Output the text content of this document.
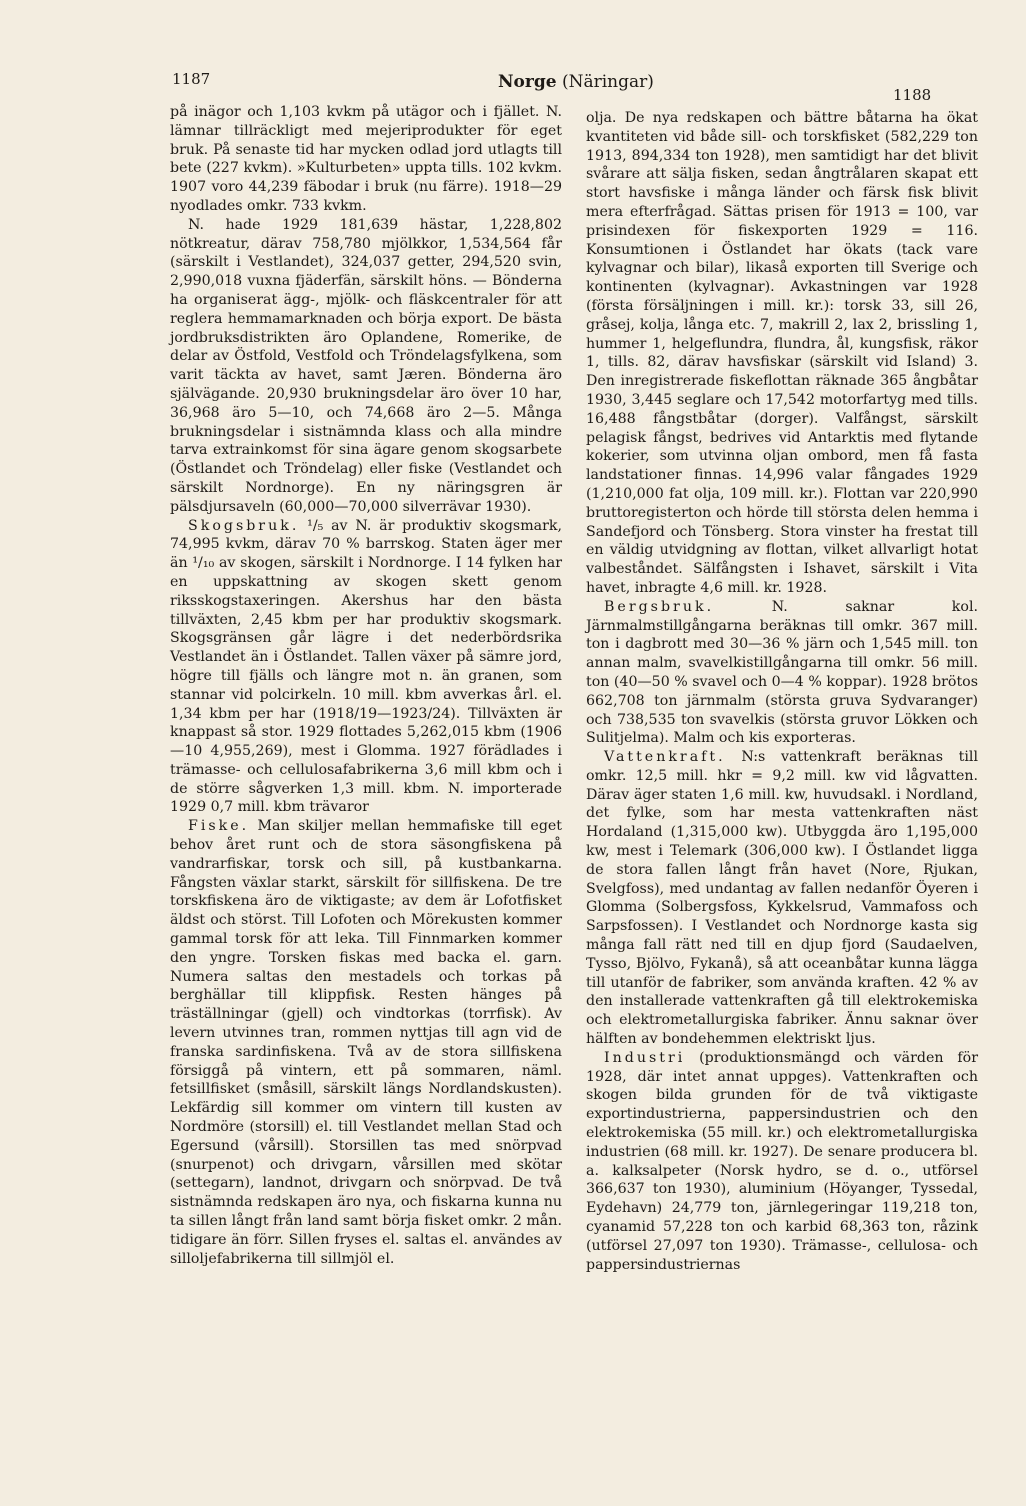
1187	Norge (Näringar)
1188

på inägor och 1,103 kvkm på utägor och i fjället. N. lämnar tillräckligt med mejeriprodukter för eget bruk. På senaste tid har mycken odlad jord utlagts till bete (227 kvkm). »Kulturbeten» uppta tills. 102 kvkm. 1907 voro 44,239 fäbodar i bruk (nu färre). 1918—29 nyodlades omkr. 733 kvkm.

N. hade 1929 181,639 hästar, 1,228,802 nötkreatur, därav 758,780 mjölkkor, 1,534,564 får (särskilt i Vestlandet), 324,037 getter, 294,520 svin, 2,990,018 vuxna fjäderfän, särskilt höns. — Bönderna ha organiserat ägg-, mjölk- och fläskcentraler för att reglera hemmamarknaden och börja export. De bästa jordbruksdistrikten äro Oplandene, Romerike, de delar av Östfold, Vestfold och Tröndelagsfylkena, som varit täckta av havet, samt Jæren. Bönderna äro självägande. 20,930 brukningsdelar äro över 10 har, 36,968 äro 5—10, och 74,668 äro 2—5. Många brukningsdelar i sistnämnda klass och alla mindre tarva extrainkomst för sina ägare genom skogsarbete (Östlandet och Tröndelag) eller fiske (Vestlandet och särskilt Nordnorge). En ny näringsgren är pälsdjursaveln (60,000—70,000 silverrävar 1930).

Skogsbruk. ¹/₅ av N. är produktiv skogsmark, 74,995 kvkm, därav 70 % barrskog. Staten äger mer än ¹/₁₀ av skogen, särskilt i Nordnorge. I 14 fylken har en uppskattning av skogen skett genom riksskogstaxeringen. Akershus har den bästa tillväxten, 2,45 kbm per har produktiv skogsmark. Skogsgränsen går lägre i det nederbördsrika Vestlandet än i Östlandet. Tallen växer på sämre jord, högre till fjälls och längre mot n. än granen, som stannar vid polcirkeln. 10 mill. kbm avverkas årl. el. 1,34 kbm per har (1918/19—1923/24). Tillväxten är knappast så stor. 1929 flottades 5,262,015 kbm (1906—10 4,955,269), mest i Glomma. 1927 förädlades i trämasse- och cellulosafabrikerna 3,6 mill kbm och i de större sågverken 1,3 mill. kbm. N. importerade 1929 0,7 mill. kbm trävaror

Fiske. Man skiljer mellan hemmafiske till eget behov året runt och de stora säsongfiskena på vandrarfiskar, torsk och sill, på kustbankarna. Fångsten växlar starkt, särskilt för sillfiskena. De tre torskfiskena äro de viktigaste; av dem är Lofotfisket äldst och störst. Till Lofoten och Mörekusten kommer gammal torsk för att leka. Till Finnmarken kommer den yngre. Torsken fiskas med backa el. garn. Numera saltas den mestadels och torkas på berghällar till klippfisk. Resten hänges på träställningar (gjell) och vindtorkas (torrfisk). Av levern utvinnes tran, rommen nyttjas till agn vid de franska sardinfiskena. Två av de stora sillfiskena försiggå på vintern, ett på sommaren, näml. fetsillfisket (småsill, särskilt längs Nordlandskusten). Lekfärdig sill kommer om vintern till kusten av Nordmöre (storsill) el. till Vestlandet mellan Stad och Egersund (vårsill). Storsillen tas med snörpvad (snurpenot) och drivgarn, vårsillen med skötar (settegarn), landnot, drivgarn och snörpvad. De två sistnämnda redskapen äro nya, och fiskarna kunna nu ta sillen långt från land samt börja fisket omkr. 2 mån. tidigare än förr. Sillen fryses el. saltas el. användes av silloljefabrikerna till sillmjöl el.

olja. De nya redskapen och bättre båtarna ha ökat kvantiteten vid både sill- och torskfisket (582,229 ton 1913, 894,334 ton 1928), men samtidigt har det blivit svårare att sälja fisken, sedan ångtrålaren skapat ett stort havsfiske i många länder och färsk fisk blivit mera efterfrågad. Sättas prisen för 1913 = 100, var prisindexen för fiskexporten 1929 = 116. Konsumtionen i Östlandet har ökats (tack vare kylvagnar och bilar), likaså exporten till Sverige och kontinenten (kylvagnar). Avkastningen var 1928 (första försäljningen i mill. kr.): torsk 33, sill 26, gråsej, kolja, långa etc. 7, makrill 2, lax 2, brissling 1, hummer 1, helgeflundra, flundra, ål, kungsfisk, räkor 1, tills. 82, därav havsfiskar (särskilt vid Island) 3. Den inregistrerade fiskeflottan räknade 365 ångbåtar 1930, 3,445 seglare och 17,542 motorfartyg med tills. 16,488 fångstbåtar (dorger). Valfångst, särskilt pelagisk fångst, bedrives vid Antarktis med flytande kokerier, som utvinna oljan ombord, men få fasta landstationer finnas. 14,996 valar fångades 1929 (1,210,000 fat olja, 109 mill. kr.). Flottan var 220,990 bruttoregisterton och hörde till största delen hemma i Sandefjord och Tönsberg. Stora vinster ha frestat till en väldig utvidgning av flottan, vilket allvarligt hotat valbeståndet. Sälfångsten i Ishavet, särskilt i Vita havet, inbragte 4,6 mill. kr. 1928.

Bergsbruk.	N. saknar kol. Järnmalmstillgångarna beräknas till omkr. 367 mill. ton i dagbrott med 30—36 % järn och 1,545 mill. ton annan malm, svavelkistillgångarna till omkr. 56 mill. ton (40—50 % svavel och 0—4 % koppar). 1928 brötos 662,708 ton järnmalm (största gruva Sydvaranger) och 738,535 ton svavelkis (största gruvor Lökken och Sulitjelma). Malm och kis exporteras.

Vattenkraft. N:s vattenkraft beräknas till omkr. 12,5 mill. hkr = 9,2 mill. kw vid lågvatten. Därav äger staten 1,6 mill. kw, huvudsakl. i Nordland, det fylke, som har mesta vattenkraften näst Hordaland (1,315,000 kw). Utbyggda äro 1,195,000 kw, mest i Telemark (306,000 kw). I Östlandet ligga de stora fallen långt från havet (Nore, Rjukan, Svelgfoss), med undantag av fallen nedanför Öyeren i Glomma (Solbergsfoss, Kykkelsrud, Vammafoss och Sarpsfossen). I Vestlandet och Nordnorge kasta sig många fall rätt ned till en djup fjord (Saudaelven, Tysso, Bjölvo, Fykanå), så att oceanbåtar kunna lägga till utanför de fabriker, som använda kraften. 42 % av den installerade vattenkraften gå till elektrokemiska och elektrometallurgiska fabriker. Ännu saknar över hälften av bondehemmen elektriskt ljus.

Industri (produktionsmängd och värden för 1928, där intet annat uppges). Vattenkraften och skogen bilda grunden för de två viktigaste exportindustrierna, pappersindustrien och den elektrokemiska (55 mill. kr.) och elektrometallurgiska industrien (68 mill. kr. 1927). De senare producera bl. a. kalksalpeter (Norsk hydro, se d. o., utförsel 366,637 ton 1930), aluminium (Höyanger, Tyssedal, Eydehavn) 24,779 ton, järnlegeringar 119,218 ton, cyanamid 57,228 ton och karbid 68,363 ton, råzink (utförsel 27,097 ton 1930). Trämasse-, cellulosa- och pappersindustriernas
